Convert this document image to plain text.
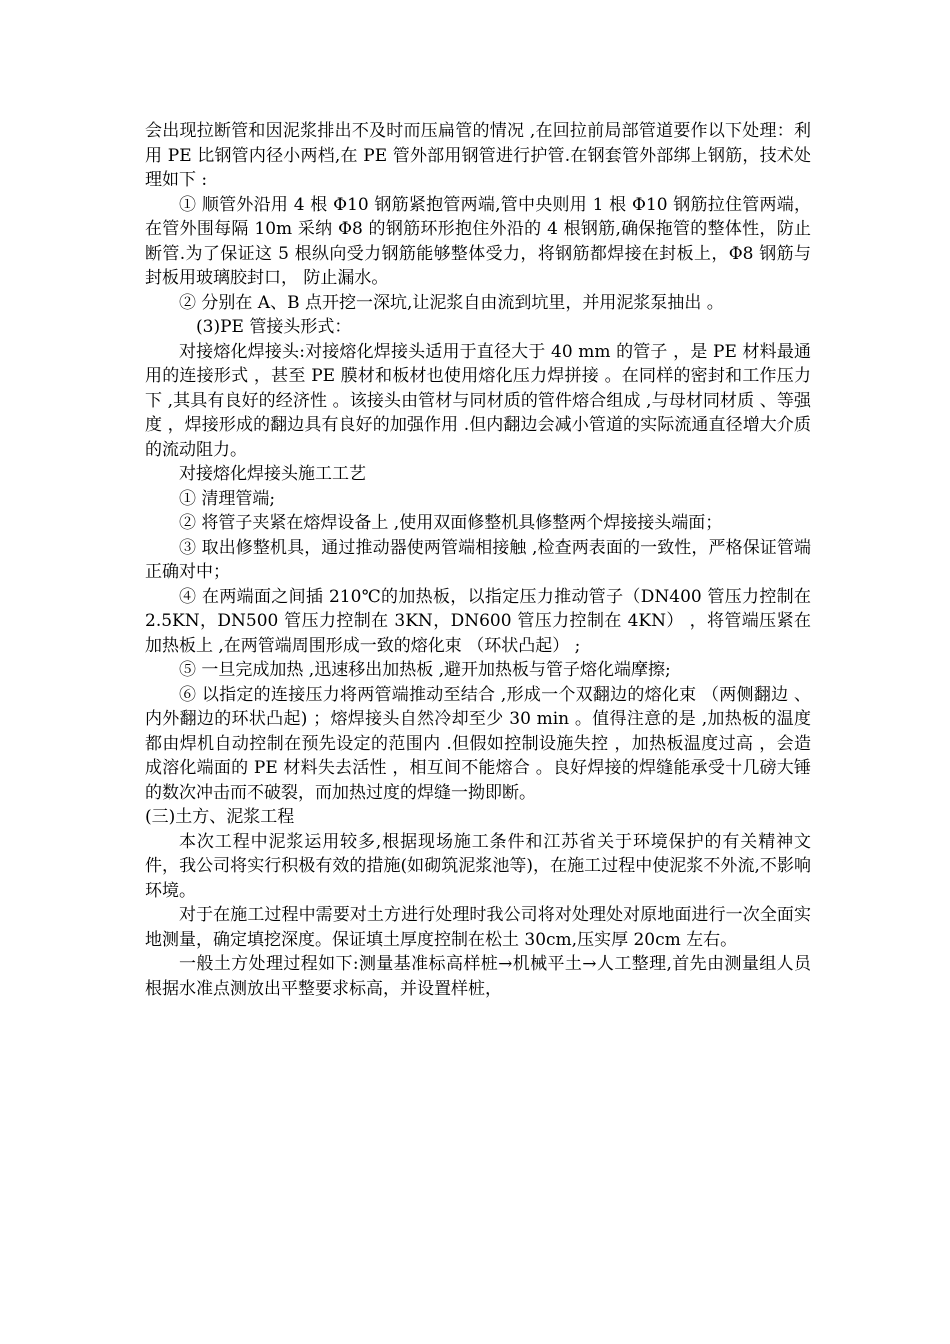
会出现拉断管和因泥浆排出不及时而压扁管的情况 ,在回拉前局部管道要作以下处理：利用 PE 比钢管内径小两档,在 PE 管外部用钢管进行护管.在钢套管外部绑上钢筋，技术处理如下 :

① 顺管外沿用 4 根 Φ10 钢筋紧抱管两端,管中央则用 1 根 Φ10 钢筋拉住管两端，在管外围每隔 10m 采纳 Φ8 的钢筋环形抱住外沿的 4 根钢筋,确保拖管的整体性，防止断管.为了保证这 5 根纵向受力钢筋能够整体受力，将钢筋都焊接在封板上，Φ8 钢筋与封板用玻璃胶封口， 防止漏水。

② 分别在 A、B 点开挖一深坑,让泥浆自由流到坑里，并用泥浆泵抽出 。

(3)PE 管接头形式：

对接熔化焊接头:对接熔化焊接头适用于直径大于 40 mm 的管子 ，是 PE 材料最通用的连接形式 ，甚至 PE 膜材和板材也使用熔化压力焊拼接 。在同样的密封和工作压力下 ,其具有良好的经济性 。该接头由管材与同材质的管件熔合组成 ,与母材同材质 、等强度 ，焊接形成的翻边具有良好的加强作用 .但内翻边会减小管道的实际流通直径增大介质的流动阻力。

对接熔化焊接头施工工艺

① 清理管端;

② 将管子夹紧在熔焊设备上 ,使用双面修整机具修整两个焊接接头端面；

③ 取出修整机具，通过推动器使两管端相接触 ,检查两表面的一致性，严格保证管端正确对中；

④ 在两端面之间插 210℃的加热板，以指定压力推动管子（DN400 管压力控制在 2.5KN，DN500 管压力控制在 3KN，DN600 管压力控制在 4KN） ，将管端压紧在加热板上 ,在两管端周围形成一致的熔化束 （环状凸起） ;

⑤ 一旦完成加热 ,迅速移出加热板 ,避开加热板与管子熔化端摩擦;

⑥ 以指定的连接压力将两管端推动至结合 ,形成一个双翻边的熔化束 （两侧翻边 、内外翻边的环状凸起) ；熔焊接头自然冷却至少 30 min 。值得注意的是 ,加热板的温度都由焊机自动控制在预先设定的范围内 .但假如控制设施失控 ，加热板温度过高 ，会造成溶化端面的 PE 材料失去活性 ，相互间不能熔合 。良好焊接的焊缝能承受十几磅大锤的数次冲击而不破裂，而加热过度的焊缝一拗即断。

(三)土方、泥浆工程

本次工程中泥浆运用较多,根据现场施工条件和江苏省关于环境保护的有关精神文件，我公司将实行积极有效的措施(如砌筑泥浆池等)，在施工过程中使泥浆不外流,不影响环境。

对于在施工过程中需要对土方进行处理时我公司将对处理处对原地面进行一次全面实地测量，确定填挖深度。保证填土厚度控制在松土 30cm,压实厚 20cm 左右。

一般土方处理过程如下:测量基准标高样桩→机械平土→人工整理,首先由测量组人员根据水准点测放出平整要求标高，并设置样桩，
